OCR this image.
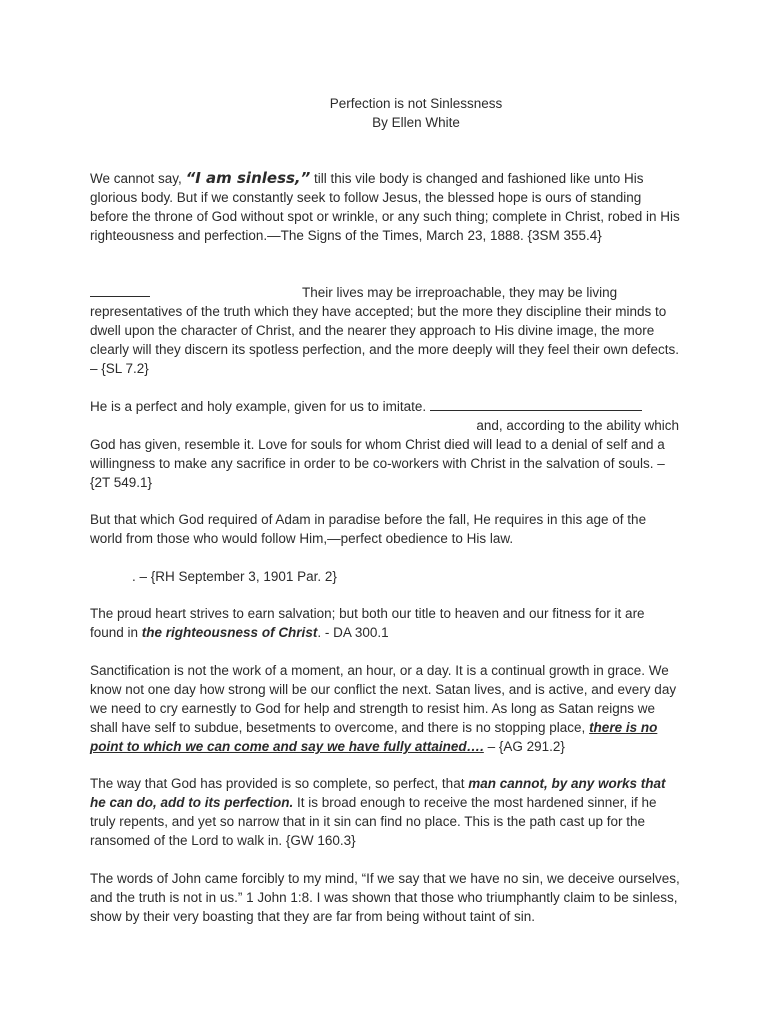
Perfection is not Sinlessness
By Ellen White

We cannot say, “I am sinless,” till this vile body is changed and fashioned like unto His glorious body. But if we constantly seek to follow Jesus, the blessed hope is ours of standing before the throne of God without spot or wrinkle, or any such thing; complete in Christ, robed in His righteousness and perfection.—The Signs of the Times, March 23, 1888. {3SM 355.4}

Their lives may be irreproachable, they may be living representatives of the truth which they have accepted; but the more they discipline their minds to dwell upon the character of Christ, and the nearer they approach to His divine image, the more clearly will they discern its spotless perfection, and the more deeply will they feel their own defects. – {SL 7.2}

He is a perfect and holy example, given for us to imitate.
and, according to the ability which
God has given, resemble it. Love for souls for whom Christ died will lead to a denial of self and a willingness to make any sacrifice in order to be co-workers with Christ in the salvation of souls. – {2T 549.1}

But that which God required of Adam in paradise before the fall, He requires in this age of the world from those who would follow Him,—perfect obedience to His law.

. – {RH September 3, 1901 Par. 2}

The proud heart strives to earn salvation; but both our title to heaven and our fitness for it are found in the righteousness of Christ. - DA 300.1

Sanctification is not the work of a moment, an hour, or a day. It is a continual growth in grace. We know not one day how strong will be our conflict the next. Satan lives, and is active, and every day we need to cry earnestly to God for help and strength to resist him. As long as Satan reigns we shall have self to subdue, besetments to overcome, and there is no stopping place, there is no point to which we can come and say we have fully attained…. – {AG 291.2}

The way that God has provided is so complete, so perfect, that man cannot, by any works that he can do, add to its perfection. It is broad enough to receive the most hardened sinner, if he truly repents, and yet so narrow that in it sin can find no place. This is the path cast up for the ransomed of the Lord to walk in. {GW 160.3}

The words of John came forcibly to my mind, “If we say that we have no sin, we deceive ourselves, and the truth is not in us.” 1 John 1:8. I was shown that those who triumphantly claim to be sinless, show by their very boasting that they are far from being without taint of sin.
